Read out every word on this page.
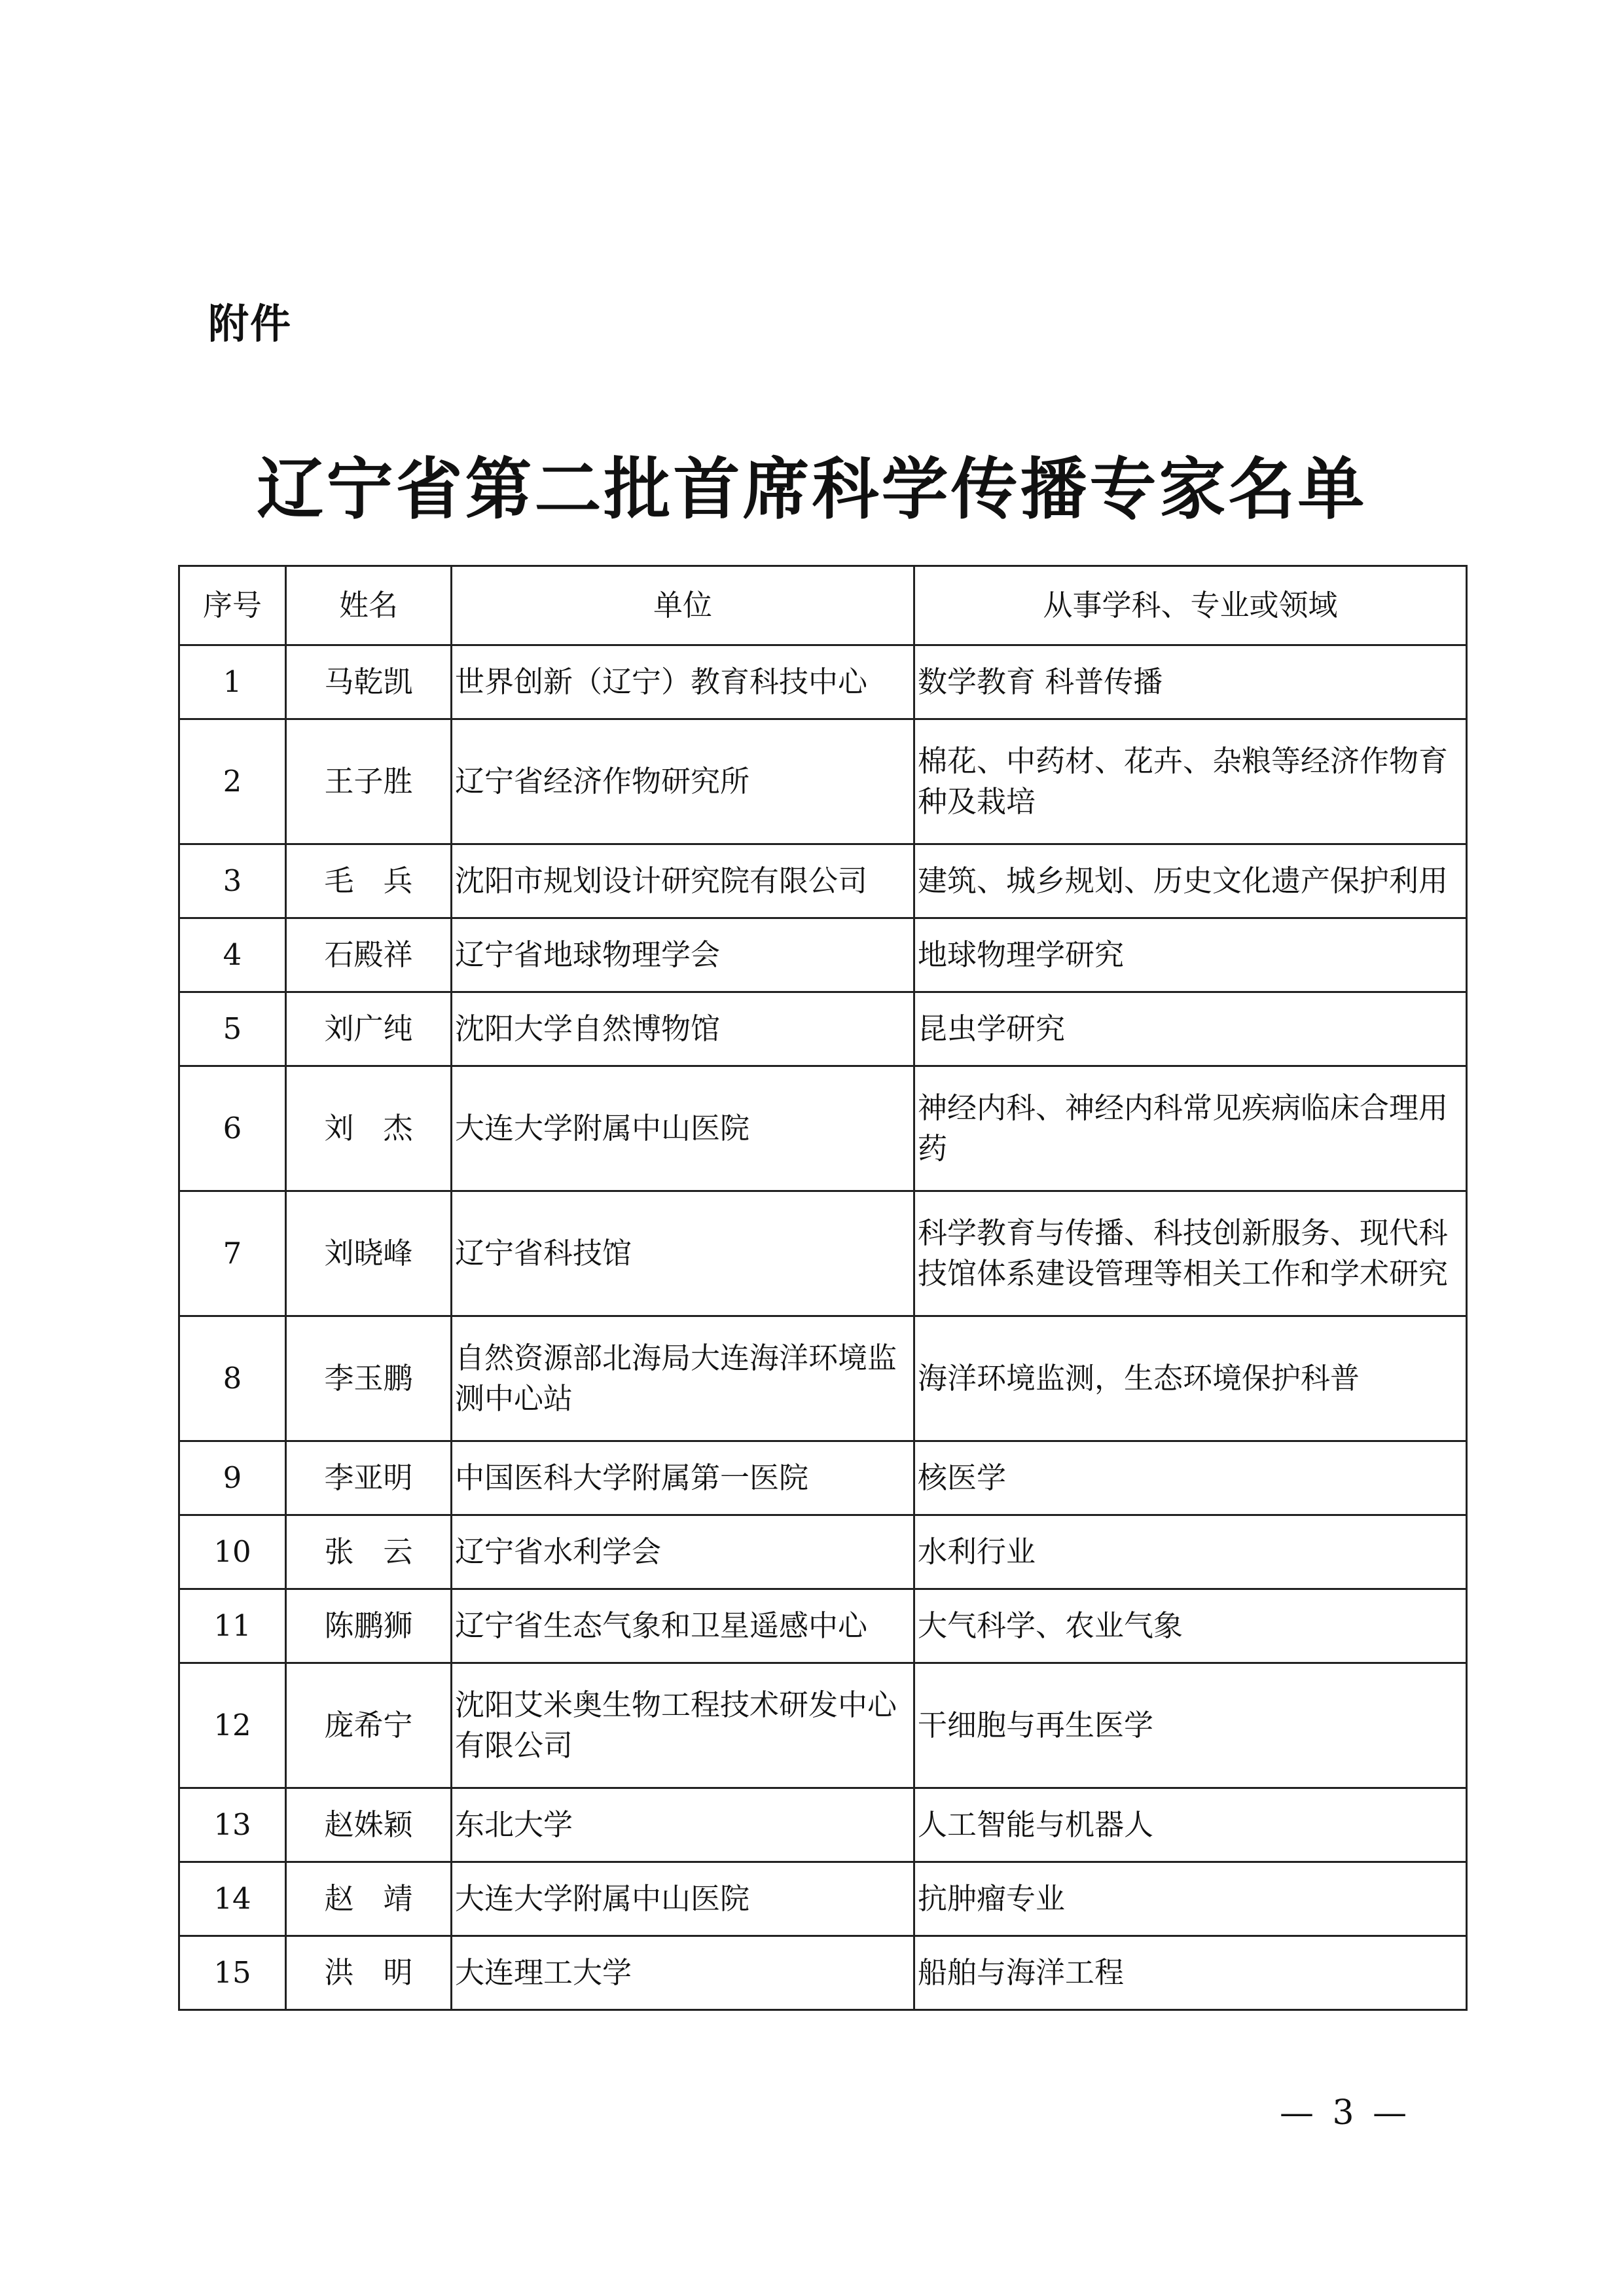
附件
辽宁省第二批首席科学传播专家名单
序号	姓名	单位	从事学科、专业或领域
1	马乾凯	世界创新（辽宁）教育科技中心	数学教育 科普传播
2	王子胜	辽宁省经济作物研究所	棉花、中药材、花卉、杂粮等经济作物育种及栽培
3	毛　兵	沈阳市规划设计研究院有限公司	建筑、城乡规划、历史文化遗产保护利用
4	石殿祥	辽宁省地球物理学会	地球物理学研究
5	刘广纯	沈阳大学自然博物馆	昆虫学研究
6	刘　杰	大连大学附属中山医院	神经内科、神经内科常见疾病临床合理用药
7	刘晓峰	辽宁省科技馆	科学教育与传播、科技创新服务、现代科技馆体系建设管理等相关工作和学术研究
8	李玉鹏	自然资源部北海局大连海洋环境监测中心站	海洋环境监测，生态环境保护科普
9	李亚明	中国医科大学附属第一医院	核医学
10	张　云	辽宁省水利学会	水利行业
11	陈鹏狮	辽宁省生态气象和卫星遥感中心	大气科学、农业气象
12	庞希宁	沈阳艾米奥生物工程技术研发中心有限公司	干细胞与再生医学
13	赵姝颖	东北大学	人工智能与机器人
14	赵　靖	大连大学附属中山医院	抗肿瘤专业
15	洪　明	大连理工大学	船舶与海洋工程
— 3 —
